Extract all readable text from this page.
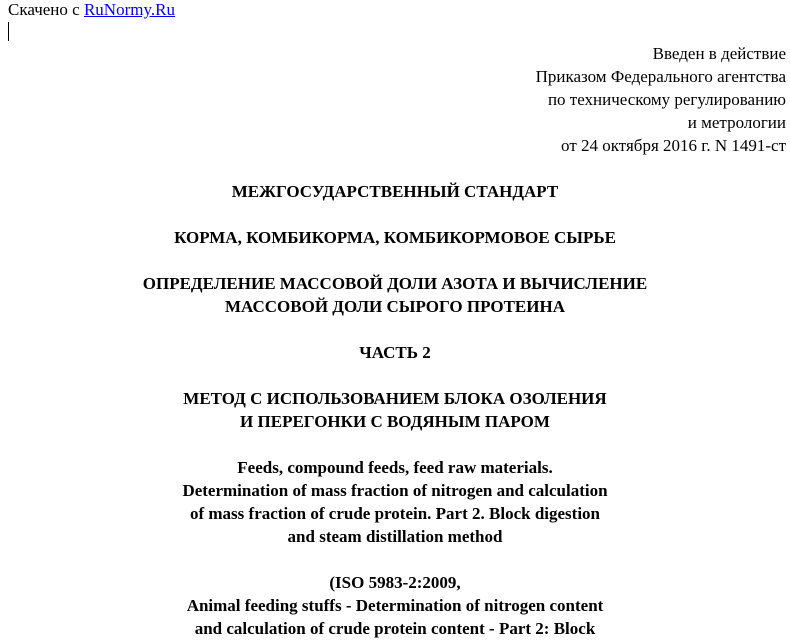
Скачено с RuNormy.Ru
Введен в действие
Приказом Федерального агентства
по техническому регулированию
и метрологии
от 24 октября 2016 г. N 1491-ст
МЕЖГОСУДАРСТВЕННЫЙ СТАНДАРТ
КОРМА, КОМБИКОРМА, КОМБИКОРМОВОЕ СЫРЬЕ
ОПРЕДЕЛЕНИЕ МАССОВОЙ ДОЛИ АЗОТА И ВЫЧИСЛЕНИЕ
МАССОВОЙ ДОЛИ СЫРОГО ПРОТЕИНА
ЧАСТЬ 2
МЕТОД С ИСПОЛЬЗОВАНИЕМ БЛОКА ОЗОЛЕНИЯ
И ПЕРЕГОНКИ С ВОДЯНЫМ ПАРОМ
Feeds, compound feeds, feed raw materials.
Determination of mass fraction of nitrogen and calculation
of mass fraction of crude protein. Part 2. Block digestion
and steam distillation method
(ISO 5983-2:2009,
Animal feeding stuffs - Determination of nitrogen content
and calculation of crude protein content - Part 2: Block
